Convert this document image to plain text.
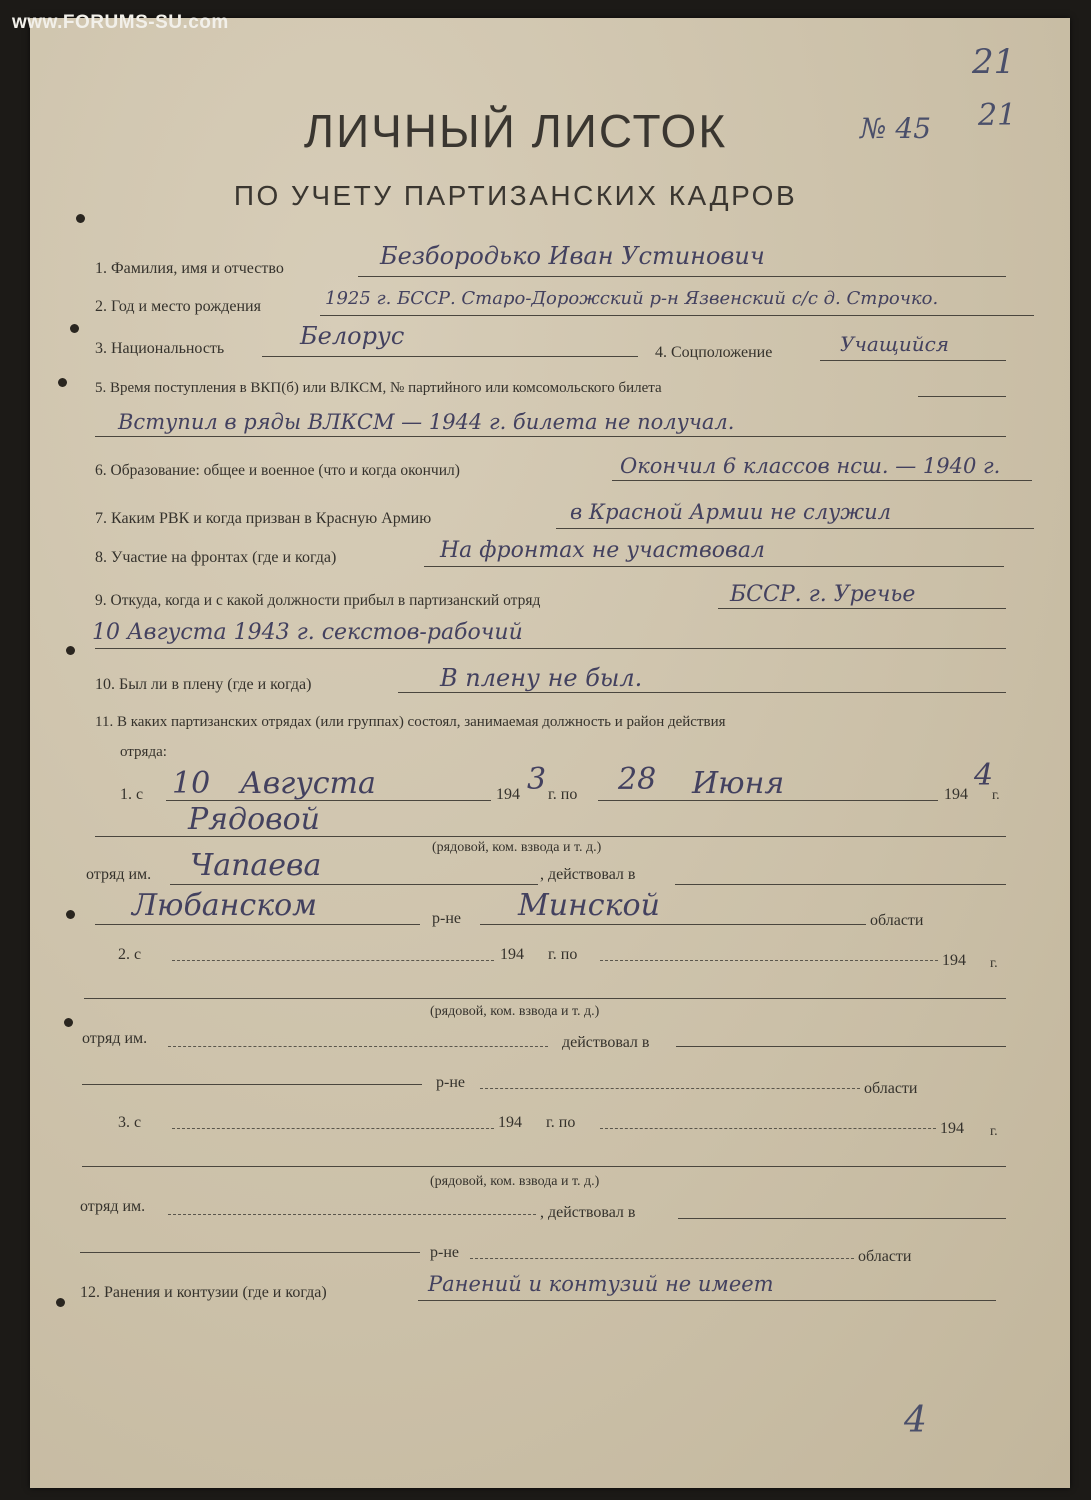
www.FORUMS-SU.com
21
21
№ 45
ЛИЧНЫЙ ЛИСТОК
ПО УЧЕТУ ПАРТИЗАНСКИХ КАДРОВ
1. Фамилия, имя и отчество	Безбородько Иван Устинович
2. Год и место рождения	1925 г. БССР. Старо-Дорожский р-н Язвенский с/с д. Строчко.
3. Национальность	Белорус
4. Соцположение	Учащийся
5. Время поступления в ВКП(б) или ВЛКСМ, № партийного или комсомольского билета
Вступил в ряды ВЛКСМ — 1944 г. билета не получал.
6. Образование: общее и военное (что и когда окончил)	Окончил 6 классов нсш. — 1940 г.
7. Каким РВК и когда призван в Красную Армию	в Красной Армии не служил
8. Участие на фронтах (где и когда)	На фронтах не участвовал
9. Откуда, когда и с какой должности прибыл в партизанский отряд	БССР. г. Уречье
10 Августа 1943 г. секстов-рабочий
10. Был ли в плену (где и когда)	В плену не был.
11. В каких партизанских отрядах (или группах) состоял, занимаемая должность и район действия
отряда:
1. с 10 Августа	194 3 г. по 28 Июня	194
4
г.
Рядовой
(рядовой, ком. взвода и т. д.)
отряд им. Чапаева	, действовал в
Любанском	р-не Минской	области
2. с	194 г. по	194 г.
(рядовой, ком. взвода и т. д.)
отряд им.	действовал в
р-не	области
3. с	194 г. по	194 г.
(рядовой, ком. взвода и т. д.)
отряд им.	, действовал в
р-не	области
12. Ранения и контузии (где и когда)	Ранений и контузий не имеет
4
